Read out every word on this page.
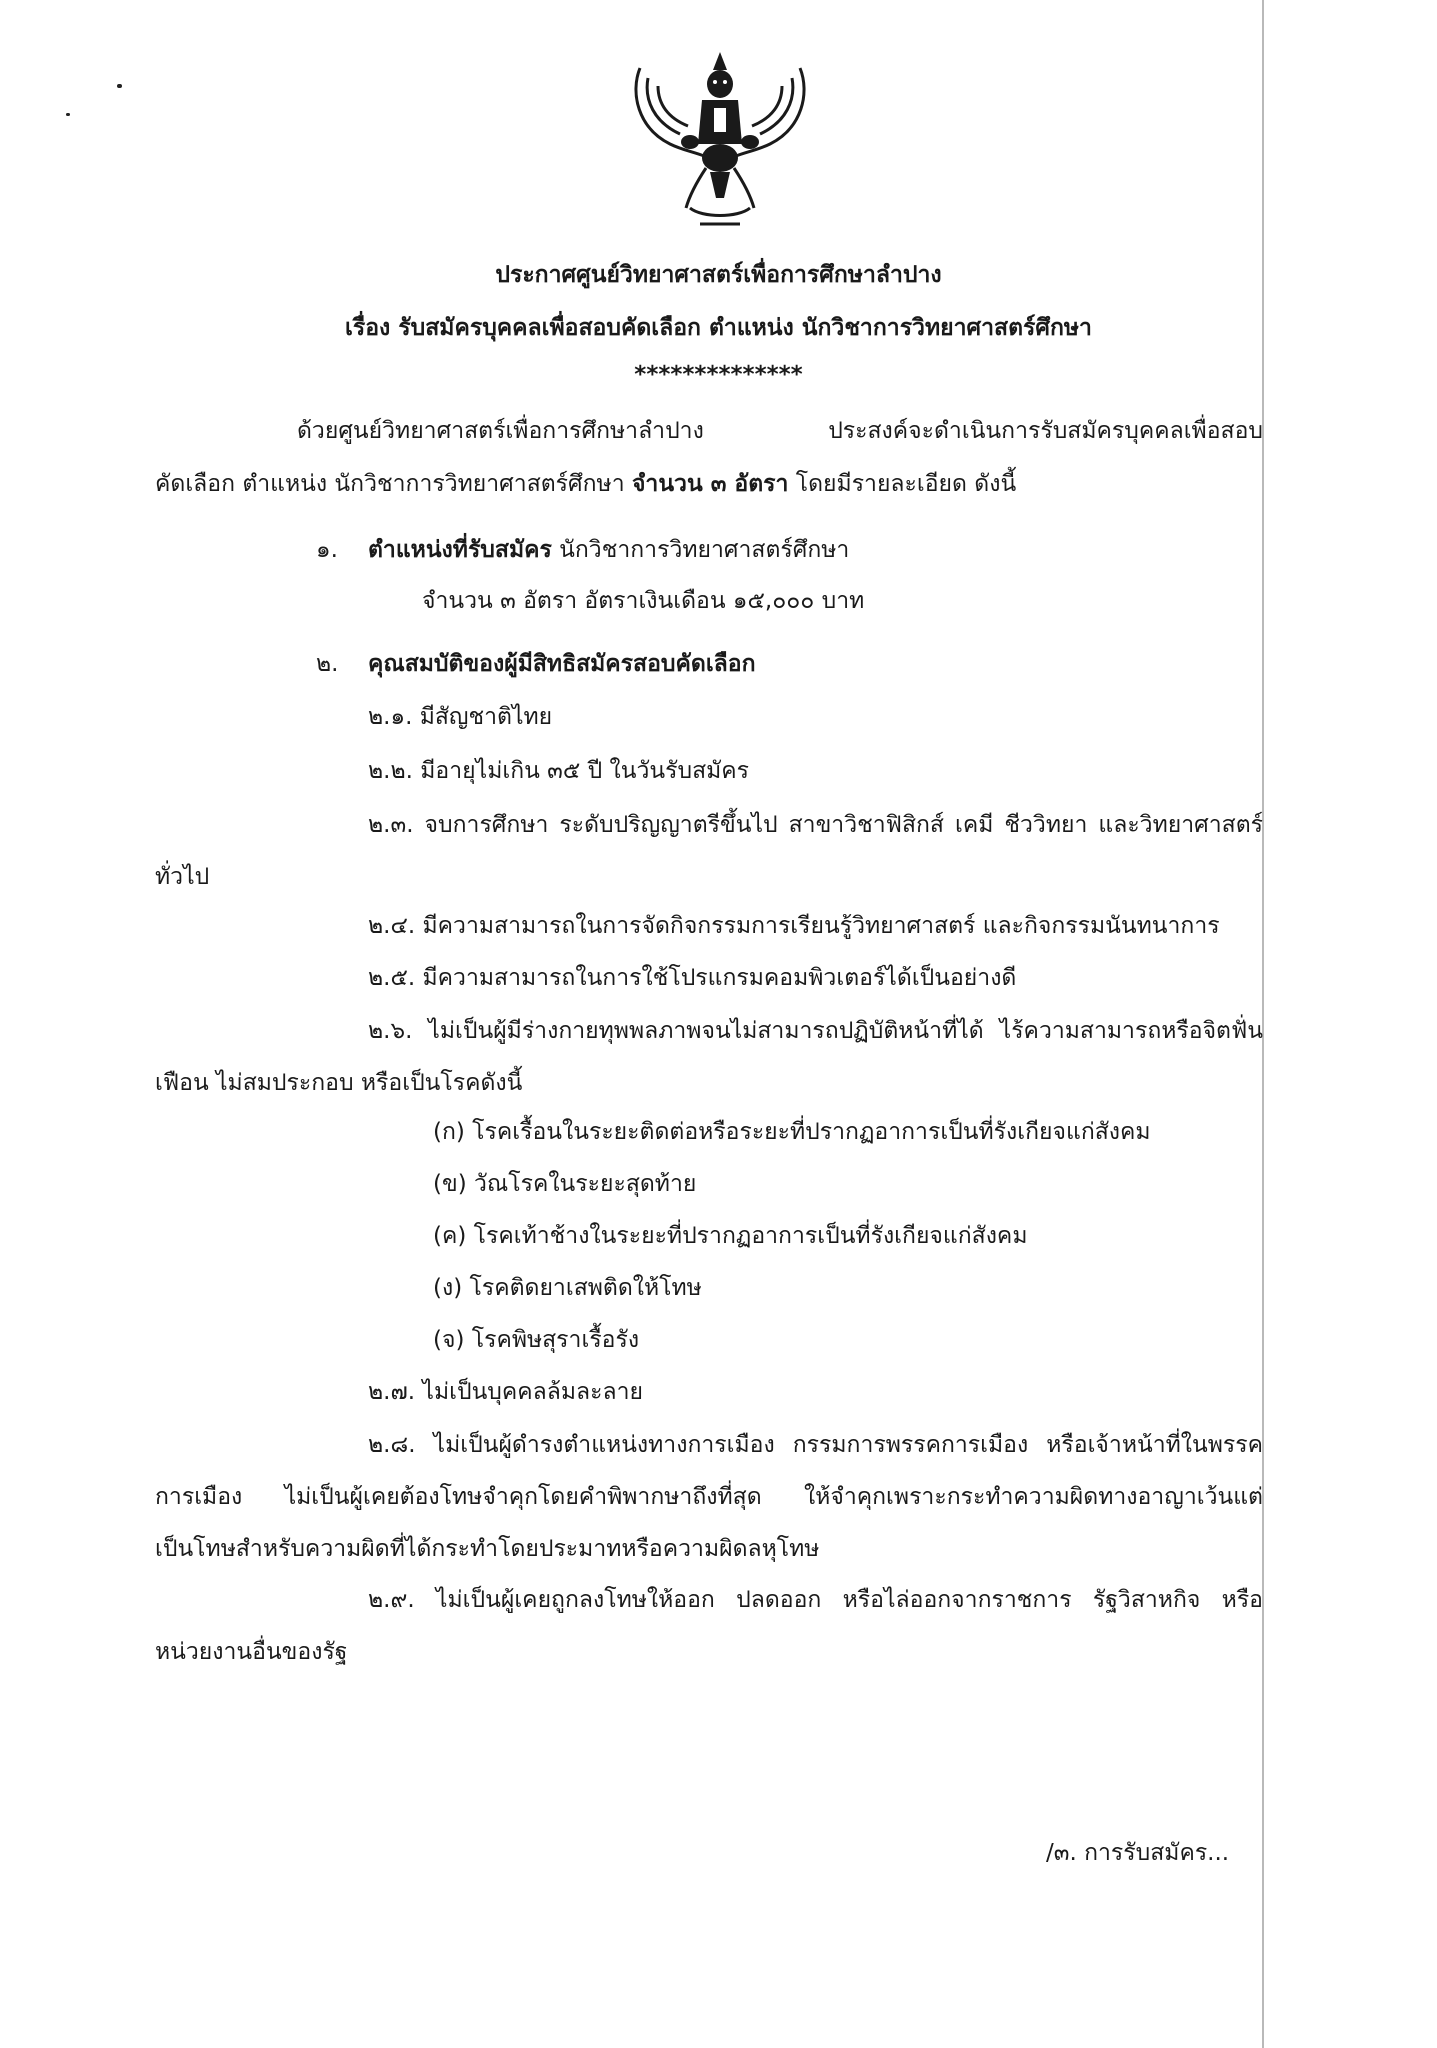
ประกาศศูนย์วิทยาศาสตร์เพื่อการศึกษาลำปาง
เรื่อง รับสมัครบุคคลเพื่อสอบคัดเลือก ตำแหน่ง นักวิชาการวิทยาศาสตร์ศึกษา
**************
ด้วยศูนย์วิทยาศาสตร์เพื่อการศึกษาลำปาง ประสงค์จะดำเนินการรับสมัครบุคคลเพื่อสอบ
คัดเลือก ตำแหน่ง นักวิชาการวิทยาศาสตร์ศึกษา จำนวน ๓ อัตรา โดยมีรายละเอียด ดังนี้
๑. ตำแหน่งที่รับสมัคร นักวิชาการวิทยาศาสตร์ศึกษา
จำนวน ๓ อัตรา อัตราเงินเดือน ๑๕,๐๐๐ บาท
๒. คุณสมบัติของผู้มีสิทธิสมัครสอบคัดเลือก
๒.๑. มีสัญชาติไทย
๒.๒. มีอายุไม่เกิน ๓๕ ปี ในวันรับสมัคร
๒.๓. จบการศึกษา ระดับปริญญาตรีขึ้นไป สาขาวิชาฟิสิกส์ เคมี ชีววิทยา และวิทยาศาสตร์
ทั่วไป
๒.๔. มีความสามารถในการจัดกิจกรรมการเรียนรู้วิทยาศาสตร์ และกิจกรรมนันทนาการ
๒.๕. มีความสามารถในการใช้โปรแกรมคอมพิวเตอร์ได้เป็นอย่างดี
๒.๖. ไม่เป็นผู้มีร่างกายทุพพลภาพจนไม่สามารถปฏิบัติหน้าที่ได้ ไร้ความสามารถหรือจิตฟั่น
เฟือน ไม่สมประกอบ หรือเป็นโรคดังนี้
(ก) โรคเรื้อนในระยะติดต่อหรือระยะที่ปรากฏอาการเป็นที่รังเกียจแก่สังคม
(ข) วัณโรคในระยะสุดท้าย
(ค) โรคเท้าช้างในระยะที่ปรากฏอาการเป็นที่รังเกียจแก่สังคม
(ง) โรคติดยาเสพติดให้โทษ
(จ) โรคพิษสุราเรื้อรัง
๒.๗. ไม่เป็นบุคคลล้มละลาย
๒.๘. ไม่เป็นผู้ดำรงตำแหน่งทางการเมือง กรรมการพรรคการเมือง หรือเจ้าหน้าที่ในพรรค
การเมือง ไม่เป็นผู้เคยต้องโทษจำคุกโดยคำพิพากษาถึงที่สุด ให้จำคุกเพราะกระทำความผิดทางอาญาเว้นแต่
เป็นโทษสำหรับความผิดที่ได้กระทำโดยประมาทหรือความผิดลหุโทษ
๒.๙. ไม่เป็นผู้เคยถูกลงโทษให้ออก ปลดออก หรือไล่ออกจากราชการ รัฐวิสาหกิจ หรือ
หน่วยงานอื่นของรัฐ
/๓. การรับสมัคร...
